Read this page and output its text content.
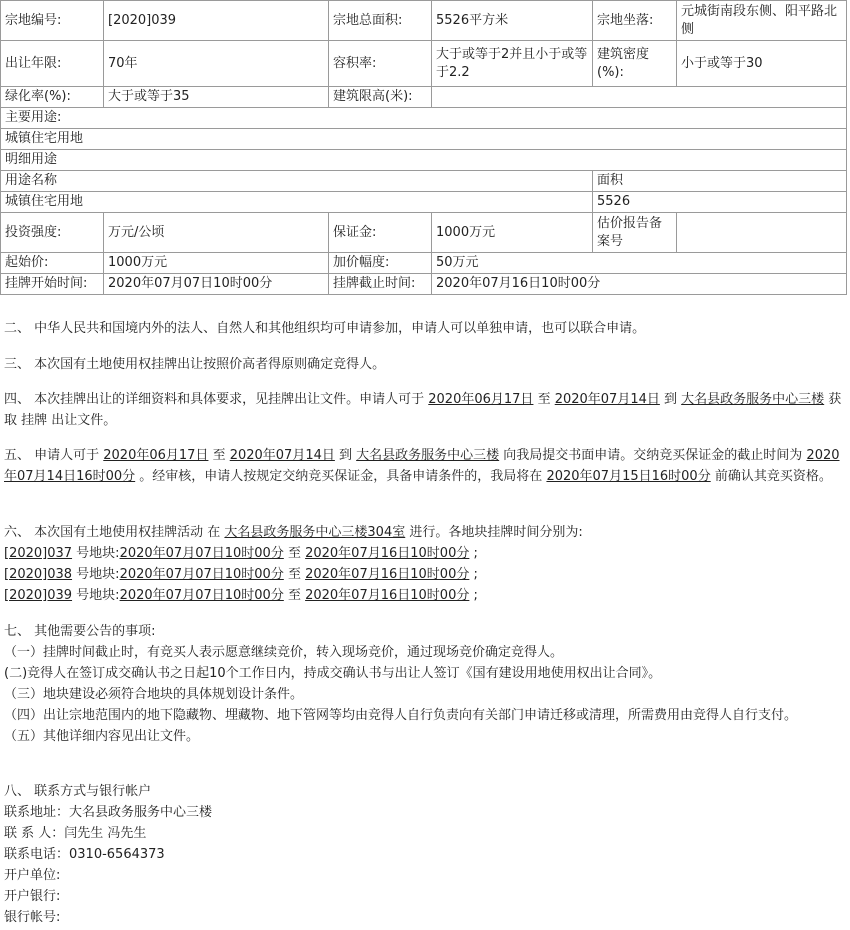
宗地编号:	[2020]039	宗地总面积:	5526平方米	宗地坐落:	元城街南段东侧、阳平路北侧
出让年限:	70年	容积率:	大于或等于2并且小于或等于2.2	建筑密度(%):	小于或等于30
绿化率(%):	大于或等于35	建筑限高(米):			
主要用途:					
城镇住宅用地					
明细用途					
用途名称				面积	
城镇住宅用地				5526	
投资强度:	万元/公顷	保证金:	1000万元	估价报告备案号	
起始价:	1000万元	加价幅度:	50万元		
挂牌开始时间:	2020年07月07日10时00分	挂牌截止时间:	2020年07月16日10时00分		

二、 中华人民共和国境内外的法人、自然人和其他组织均可申请参加，申请人可以单独申请，也可以联合申请。

三、 本次国有土地使用权挂牌出让按照价高者得原则确定竞得人。

四、 本次挂牌出让的详细资料和具体要求，见挂牌出让文件。申请人可于 2020年06月17日 至 2020年07月14日 到 大名县政务服务中心三楼 获取 挂牌 出让文件。

五、 申请人可于 2020年06月17日 至 2020年07月14日 到 大名县政务服务中心三楼 向我局提交书面申请。交纳竞买保证金的截止时间为 2020年07月14日16时00分 。经审核，申请人按规定交纳竞买保证金，具备申请条件的，我局将在 2020年07月15日16时00分 前确认其竞买资格。

六、 本次国有土地使用权挂牌活动 在 大名县政务服务中心三楼304室 进行。各地块挂牌时间分别为:
[2020]037 号地块:2020年07月07日10时00分 至 2020年07月16日10时00分 ;
[2020]038 号地块:2020年07月07日10时00分 至 2020年07月16日10时00分 ;
[2020]039 号地块:2020年07月07日10时00分 至 2020年07月16日10时00分 ;
七、 其他需要公告的事项:
（一）挂牌时间截止时，有竞买人表示愿意继续竞价，转入现场竞价，通过现场竞价确定竞得人。
(二)竞得人在签订成交确认书之日起10个工作日内，持成交确认书与出让人签订《国有建设用地使用权出让合同》。
（三）地块建设必须符合地块的具体规划设计条件。
（四）出让宗地范围内的地下隐藏物、埋藏物、地下管网等均由竞得人自行负责向有关部门申请迁移或清理，所需费用由竞得人自行支付。
（五）其他详细内容见出让文件。
八、 联系方式与银行帐户
联系地址：大名县政务服务中心三楼
联 系 人：闫先生 冯先生
联系电话：0310-6564373
开户单位:
开户银行:
银行帐号:
